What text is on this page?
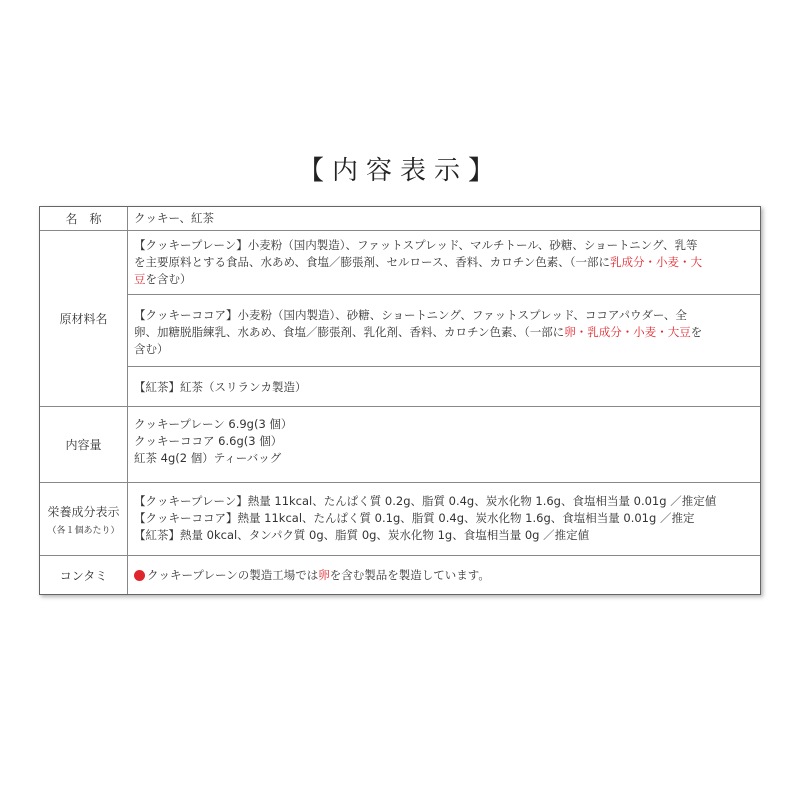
【内容表示】
名　称	クッキー、紅茶
原材料名
【クッキープレーン】小麦粉（国内製造）、ファットスプレッド、マルチトール、砂糖、ショートニング、乳等
を主要原料とする食品、水あめ、食塩／膨張剤、セルロース、香料、カロチン色素、（一部に乳成分・小麦・大
豆を含む）
【クッキーココア】小麦粉（国内製造）、砂糖、ショートニング、ファットスプレッド、ココアパウダー、全
卵、加糖脱脂練乳、水あめ、食塩／膨張剤、乳化剤、香料、カロチン色素、（一部に卵・乳成分・小麦・大豆を
含む）
【紅茶】紅茶（スリランカ製造）
内容量
クッキープレーン 6.9g(3 個）
クッキーココア 6.6g(3 個）
紅茶 4g(2 個）ティーバッグ
栄養成分表示
（各１個あたり）
【クッキープレーン】熱量 11kcal、たんぱく質 0.2g、脂質 0.4g、炭水化物 1.6g、食塩相当量 0.01g ／推定値
【クッキーココア】熱量 11kcal、たんぱく質 0.1g、脂質 0.4g、炭水化物 1.6g、食塩相当量 0.01g ／推定
【紅茶】熱量 0kcal、タンパク質 0g、脂質 0g、炭水化物 1g、食塩相当量 0g ／推定値
コンタミ	クッキープレーンの製造工場では 卵 を含む製品を製造しています。
